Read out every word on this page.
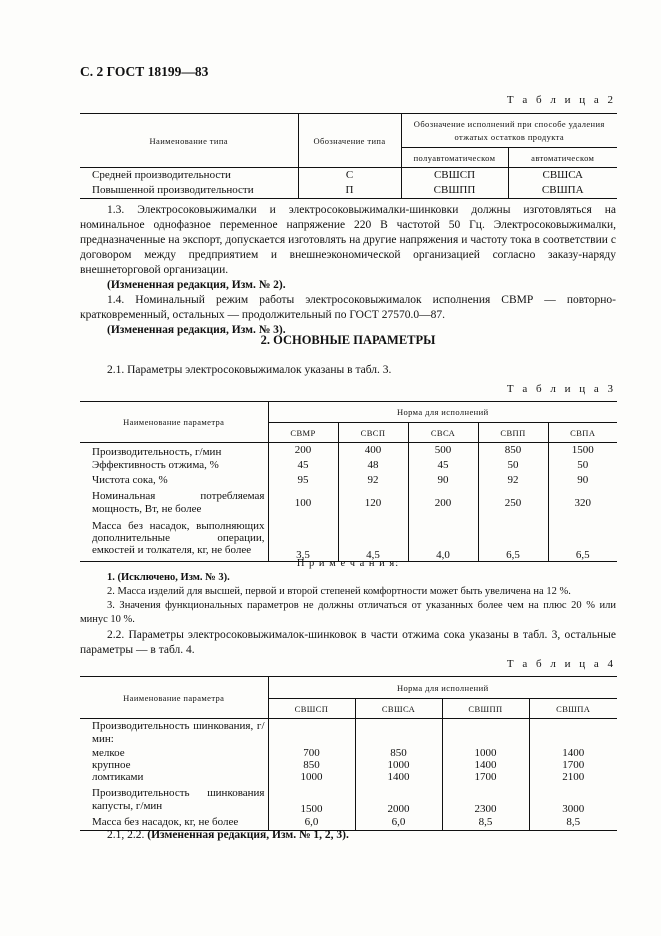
С. 2 ГОСТ 18199—83
Т а б л и ц а 2
Наименование типа	Обозначение типа	Обозначение исполнений при способе удаления отжатых остатков продукта	
		полуавтоматическом	автоматическом
Средней производительности	С	СВШСП	СВШСА
Повышенной производительности	П	СВШПП	СВШПА

1.3. Электросоковыжималки и электросоковыжималки-шинковки должны изготовляться на номинальное однофазное переменное напряжение 220 В частотой 50 Гц. Электросоковыжималки, предназначенные на экспорт, допускается изготовлять на другие напряжения и частоту тока в соответствии с договором между предприятием и внешнеэкономической организацией согласно заказу-наряду внешнеторговой организации.

(Измененная редакция, Изм. № 2).

1.4. Номинальный режим работы электросоковыжималок исполнения СВМР — повторно-кратковременный, остальных — продолжительный по ГОСТ 27570.0—87.

(Измененная редакция, Изм. № 3).

2. ОСНОВНЫЕ ПАРАМЕТРЫ
2.1. Параметры электросоковыжималок указаны в табл. 3.
Т а б л и ц а 3
Наименование параметра	Норма для исполнений				
	СВМР	СВСП	СВСА	СВПП	СВПА
Производительность, г/мин	200	400	500	850	1500
Эффективность отжима, %	45	48	45	50	50
Чистота сока, %	95	92	90	92	90
Номинальная потребляемая мощность, Вт, не более	100	120	200	250	320
Масса без насадок, выполняющих дополнительные операции, емкостей и толкателя, кг, не более	3,5	4,5	4,0	6,5	6,5

П р и м е ч а н и я:

1. (Исключено, Изм. № 3).

2. Масса изделий для высшей, первой и второй степеней комфортности может быть увеличена на 12 %.

3. Значения функциональных параметров не должны отличаться от указанных более чем на плюс 20 % или минус 10 %.

2.2. Параметры электросоковыжималок-шинковок в части отжима сока указаны в табл. 3, остальные параметры — в табл. 4.

Т а б л и ц а 4
Наименование параметра	Норма для исполнений			
	СВШСП	СВШСА	СВШПП	СВШПА
Производительность шинкования, г/мин:				
мелкое	700	850	1000	1400
крупное	850	1000	1400	1700
ломтиками	1000	1400	1700	2100
Производительность шинкования капусты, г/мин	1500	2000	2300	3000
Масса без насадок, кг, не более	6,0	6,0	8,5	8,5
2.1, 2.2. (Измененная редакция, Изм. № 1, 2, 3).
